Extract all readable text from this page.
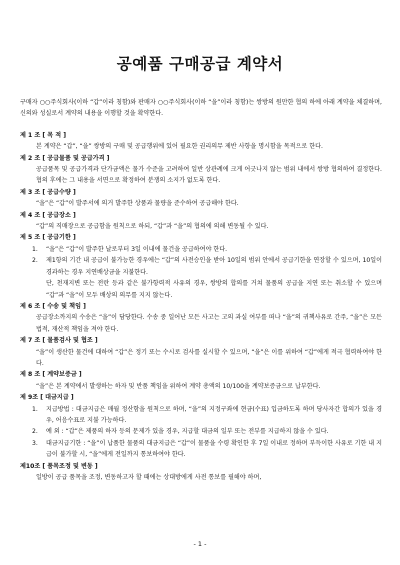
공예품 구매공급 계약서

구매자 ○○주식회사(이하 “갑”이라 칭함)와 판매자 ○○주식회사(이하 “을”이라 칭함)는 쌍방의 원만한 협의 하에 아래 계약을 체결하며, 신의와 성실로서 계약의 내용을 이행할 것을 확약한다.

제 1 조 [ 목 적 ]

본 계약은 “갑”, “을” 쌍방의 구매 및 공급행위에 있어 필요한 권리의무 제반 사항을 명시함을 목적으로 한다.

제 2 조 [ 공급물품 및 공급가격 ]

공급품목 및 공급가격과 단가금액은 물가 수준을 고려하여 일반 상관례에 크게 어긋나지 않는 범위 내에서 쌍방 협의하여 결정한다. 협의 후에는 그 내용을 서면으로 확정하여 분쟁의 소지가 없도록 한다.

제 3 조 [ 공급수량 ]

“을”은 “갑”이 발주서에 의거 발주한 상품과 물량을 준수하여 공급해야 한다.

제 4 조 [ 공급장소 ]

“갑”의 직매장으로 공급함을 원칙으로 하되, “갑”과 “을”의 협의에 의해 변동될 수 있다.

제 5 조 [ 공급기한 ]

1. “을”은 “갑”이 발주한 날로부터 3일 이내에 물건을 공급하여야 한다.

2. 제1항의 기간 내 공급이 불가능한 경우에는 “갑”의 사전승인을 받아 10일의 범위 안에서 공급기한을 연장할 수 있으며, 10일이 경과하는 경우 지연배상금을 지불한다.

단, 천재지변 또는 전란 등과 같은 불가항력적 사유의 경우, 쌍방의 합의를 거쳐 물품의 공급을 지연 또는 취소할 수 있으며 “갑”과 “을”이 모두 배상의 의무를 지지 않는다.

제 6 조 [ 수송 및 책임 ]

공급장소까지의 수송은 “을”이 담당한다. 수송 중 일어난 모든 사고는 고의 과실 여부를 떠나 “을”의 귀책사유로 간주, “을”은 모든 법적, 재산적 책임을 져야 한다.

제 7 조 [ 물품검사 및 협조 ]

“을”이 생산한 물건에 대하여 “갑”은 정기 또는 수시로 검사를 실시할 수 있으며, “을”은 이를 위하여 “갑”에게 적극 협력하여야 한다.

제 8 조 [ 계약보증금 ]

“을”은 본 계약에서 발생하는 하자 및 반품 책임을 위하여 계약 총액의 10/100을 계약보증금으로 납부한다.

제 9조 [ 대금지급 ]

1. 지급방법 : 대금지급은 매월 정산함을 원칙으로 하며, “을”의 지정구좌에 현금(수표) 입금하도록 하며 당사자간 합의가 있을 경우, 어음수표로 지불 가능하다.

2. 예 외 : “갑”은 제품의 하자 등의 문제가 있을 경우, 지급할 대금의 일부 또는 전부를 지급하지 않을 수 있다.

3. 대금지급기한 : “을”이 납품한 물품의 대금지급은 “갑”이 물품을 수령 확인한 후 7일 이내로 정하며 부득이한 사유로 기한 내 지급이 불가할 시, “을”에게 전일까지 통보하여야 한다.

제10조 [ 품목조정 및 변동 ]

일방이 공급 품목을 조정, 변동하고자 할 때에는 상대방에게 사전 통보를 필해야 하며,

- 1 -
